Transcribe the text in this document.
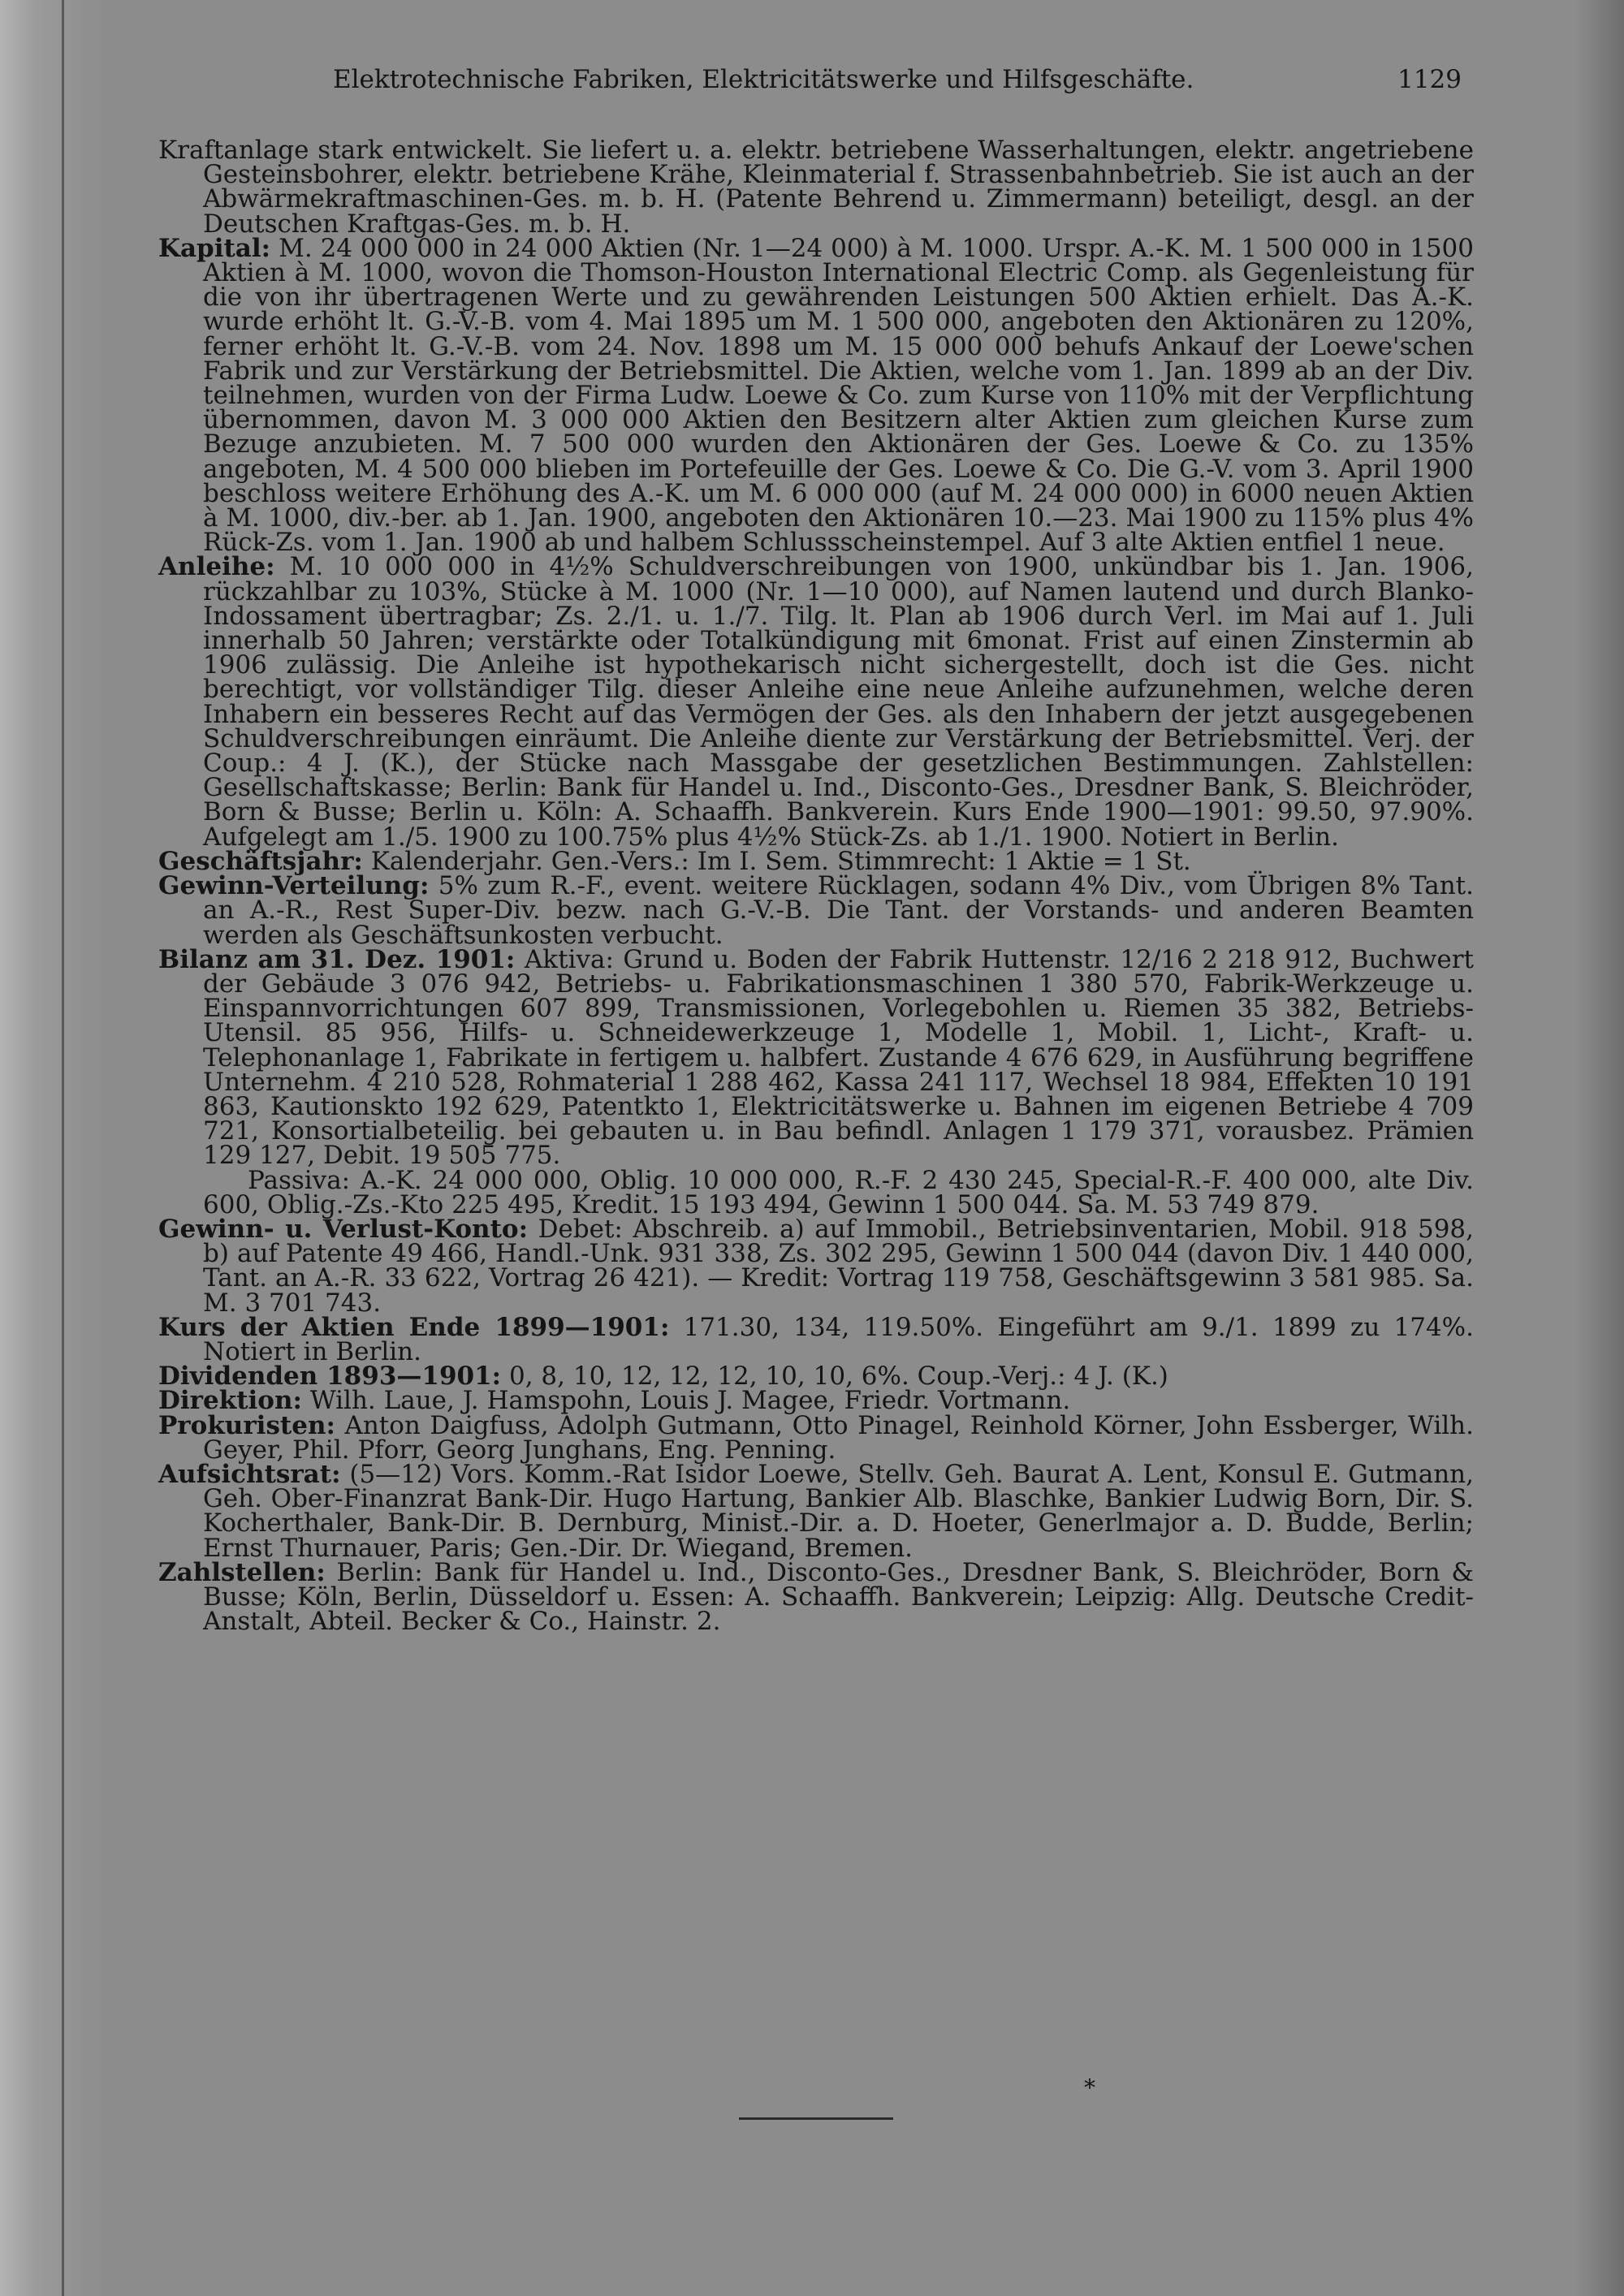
Elektrotechnische Fabriken, Elektricitätswerke und Hilfsgeschäfte.	1129

Kraftanlage stark entwickelt. Sie liefert u. a. elektr. betriebene Wasserhaltungen, elektr. angetriebene Gesteinsbohrer, elektr. betriebene Krähe, Kleinmaterial f. Strassenbahnbetrieb. Sie ist auch an der Abwärmekraftmaschinen-Ges. m. b. H. (Patente Behrend u. Zimmermann) beteiligt, desgl. an der Deutschen Kraftgas-Ges. m. b. H.

Kapital: M. 24 000 000 in 24 000 Aktien (Nr. 1—24 000) à M. 1000. Urspr. A.-K. M. 1 500 000 in 1500 Aktien à M. 1000, wovon die Thomson-Houston International Electric Comp. als Gegenleistung für die von ihr übertragenen Werte und zu gewährenden Leistungen 500 Aktien erhielt. Das A.-K. wurde erhöht lt. G.-V.-B. vom 4. Mai 1895 um M. 1 500 000, angeboten den Aktionären zu 120%, ferner erhöht lt. G.-V.-B. vom 24. Nov. 1898 um M. 15 000 000 behufs Ankauf der Loewe'schen Fabrik und zur Verstärkung der Betriebsmittel. Die Aktien, welche vom 1. Jan. 1899 ab an der Div. teilnehmen, wurden von der Firma Ludw. Loewe & Co. zum Kurse von 110% mit der Verpflichtung übernommen, davon M. 3 000 000 Aktien den Besitzern alter Aktien zum gleichen Kurse zum Bezuge anzubieten. M. 7 500 000 wurden den Aktionären der Ges. Loewe & Co. zu 135% angeboten, M. 4 500 000 blieben im Portefeuille der Ges. Loewe & Co. Die G.-V. vom 3. April 1900 beschloss weitere Erhöhung des A.-K. um M. 6 000 000 (auf M. 24 000 000) in 6000 neuen Aktien à M. 1000, div.-ber. ab 1. Jan. 1900, angeboten den Aktionären 10.—23. Mai 1900 zu 115% plus 4% Rück-Zs. vom 1. Jan. 1900 ab und halbem Schlussscheinstempel. Auf 3 alte Aktien entfiel 1 neue.

Anleihe: M. 10 000 000 in 4½% Schuldverschreibungen von 1900, unkündbar bis 1. Jan. 1906, rückzahlbar zu 103%, Stücke à M. 1000 (Nr. 1—10 000), auf Namen lautend und durch Blanko-Indossament übertragbar; Zs. 2./1. u. 1./7. Tilg. lt. Plan ab 1906 durch Verl. im Mai auf 1. Juli innerhalb 50 Jahren; verstärkte oder Totalkündigung mit 6monat. Frist auf einen Zinstermin ab 1906 zulässig. Die Anleihe ist hypothekarisch nicht sichergestellt, doch ist die Ges. nicht berechtigt, vor vollständiger Tilg. dieser Anleihe eine neue Anleihe aufzunehmen, welche deren Inhabern ein besseres Recht auf das Vermögen der Ges. als den Inhabern der jetzt ausgegebenen Schuldverschreibungen einräumt. Die Anleihe diente zur Verstärkung der Betriebsmittel. Verj. der Coup.: 4 J. (K.), der Stücke nach Massgabe der gesetzlichen Bestimmungen. Zahlstellen: Gesellschaftskasse; Berlin: Bank für Handel u. Ind., Disconto-Ges., Dresdner Bank, S. Bleichröder, Born & Busse; Berlin u. Köln: A. Schaaffh. Bankverein. Kurs Ende 1900—1901: 99.50, 97.90%. Aufgelegt am 1./5. 1900 zu 100.75% plus 4½% Stück-Zs. ab 1./1. 1900. Notiert in Berlin.

Geschäftsjahr: Kalenderjahr. Gen.-Vers.: Im I. Sem. Stimmrecht: 1 Aktie = 1 St.

Gewinn-Verteilung: 5% zum R.-F., event. weitere Rücklagen, sodann 4% Div., vom Übrigen 8% Tant. an A.-R., Rest Super-Div. bezw. nach G.-V.-B. Die Tant. der Vorstands- und anderen Beamten werden als Geschäftsunkosten verbucht.

Bilanz am 31. Dez. 1901: Aktiva: Grund u. Boden der Fabrik Huttenstr. 12/16 2 218 912, Buchwert der Gebäude 3 076 942, Betriebs- u. Fabrikationsmaschinen 1 380 570, Fabrik-Werkzeuge u. Einspannvorrichtungen 607 899, Transmissionen, Vorlegebohlen u. Riemen 35 382, Betriebs-Utensil. 85 956, Hilfs- u. Schneidewerkzeuge 1, Modelle 1, Mobil. 1, Licht-, Kraft- u. Telephonanlage 1, Fabrikate in fertigem u. halbfert. Zustande 4 676 629, in Ausführung begriffene Unternehm. 4 210 528, Rohmaterial 1 288 462, Kassa 241 117, Wechsel 18 984, Effekten 10 191 863, Kautionskto 192 629, Patentkto 1, Elektricitätswerke u. Bahnen im eigenen Betriebe 4 709 721, Konsortialbeteilig. bei gebauten u. in Bau befindl. Anlagen 1 179 371, vorausbez. Prämien 129 127, Debit. 19 505 775.

Passiva: A.-K. 24 000 000, Oblig. 10 000 000, R.-F. 2 430 245, Special-R.-F. 400 000, alte Div. 600, Oblig.-Zs.-Kto 225 495, Kredit. 15 193 494, Gewinn 1 500 044. Sa. M. 53 749 879.

Gewinn- u. Verlust-Konto: Debet: Abschreib. a) auf Immobil., Betriebsinventarien, Mobil. 918 598, b) auf Patente 49 466, Handl.-Unk. 931 338, Zs. 302 295, Gewinn 1 500 044 (davon Div. 1 440 000, Tant. an A.-R. 33 622, Vortrag 26 421). — Kredit: Vortrag 119 758, Geschäftsgewinn 3 581 985. Sa. M. 3 701 743.

Kurs der Aktien Ende 1899—1901: 171.30, 134, 119.50%. Eingeführt am 9./1. 1899 zu 174%. Notiert in Berlin.

Dividenden 1893—1901: 0, 8, 10, 12, 12, 12, 10, 10, 6%. Coup.-Verj.: 4 J. (K.)

Direktion: Wilh. Laue, J. Hamspohn, Louis J. Magee, Friedr. Vortmann.

Prokuristen: Anton Daigfuss, Adolph Gutmann, Otto Pinagel, Reinhold Körner, John Essberger, Wilh. Geyer, Phil. Pforr, Georg Junghans, Eng. Penning.

Aufsichtsrat: (5—12) Vors. Komm.-Rat Isidor Loewe, Stellv. Geh. Baurat A. Lent, Konsul E. Gutmann, Geh. Ober-Finanzrat Bank-Dir. Hugo Hartung, Bankier Alb. Blaschke, Bankier Ludwig Born, Dir. S. Kocherthaler, Bank-Dir. B. Dernburg, Minist.-Dir. a. D. Hoeter, Generlmajor a. D. Budde, Berlin; Ernst Thurnauer, Paris; Gen.-Dir. Dr. Wiegand, Bremen.

Zahlstellen: Berlin: Bank für Handel u. Ind., Disconto-Ges., Dresdner Bank, S. Bleichröder, Born & Busse; Köln, Berlin, Düsseldorf u. Essen: A. Schaaffh. Bankverein; Leipzig: Allg. Deutsche Credit-Anstalt, Abteil. Becker & Co., Hainstr. 2.

*
